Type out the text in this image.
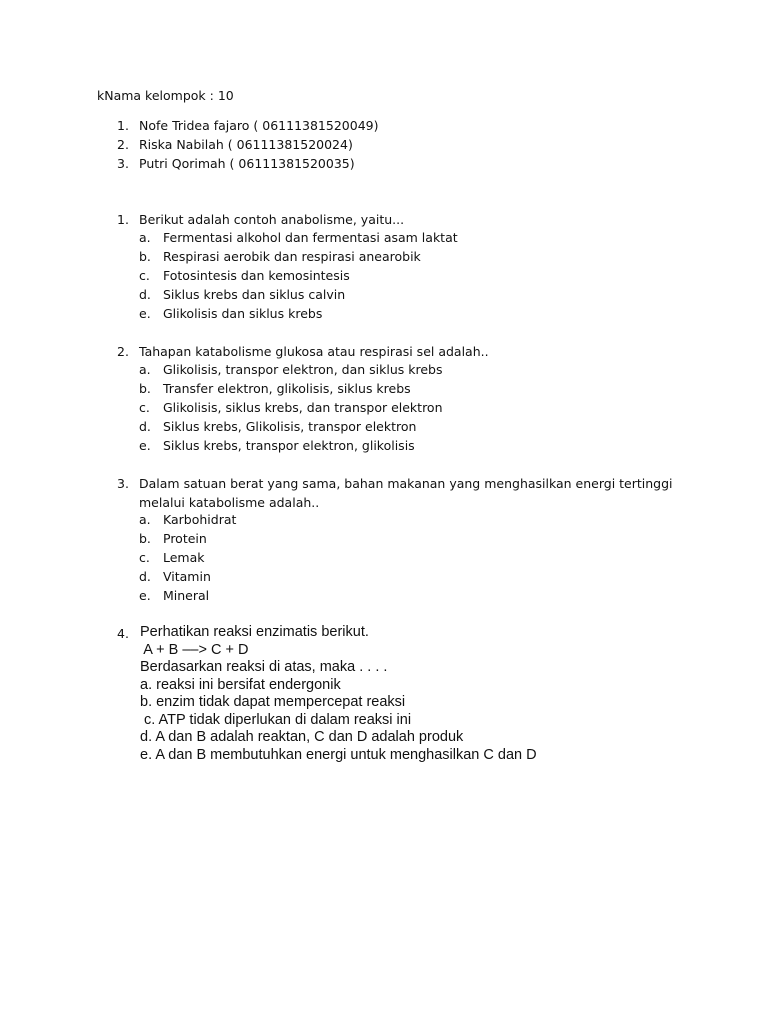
kNama kelompok : 10
1. Nofe Tridea fajaro ( 06111381520049)
2. Riska Nabilah ( 06111381520024)
3. Putri Qorimah ( 06111381520035)
1. Berikut adalah contoh anabolisme, yaitu...
a. Fermentasi alkohol dan fermentasi asam laktat
b. Respirasi aerobik dan respirasi anearobik
c. Fotosintesis dan kemosintesis
d. Siklus krebs dan siklus calvin
e. Glikolisis dan siklus krebs
2. Tahapan katabolisme glukosa atau respirasi sel adalah..
a. Glikolisis, transpor elektron, dan siklus krebs
b. Transfer elektron, glikolisis, siklus krebs
c. Glikolisis, siklus krebs, dan transpor elektron
d. Siklus krebs, Glikolisis, transpor elektron
e. Siklus krebs, transpor elektron, glikolisis
3. Dalam satuan berat yang sama, bahan makanan yang menghasilkan energi tertinggi melalui katabolisme adalah..
a. Karbohidrat
b. Protein
c. Lemak
d. Vitamin
e. Mineral
4. Perhatikan reaksi enzimatis berikut.
A + B ––> C + D
Berdasarkan reaksi di atas, maka . . . .
a. reaksi ini bersifat endergonik
b. enzim tidak dapat mempercepat reaksi
c. ATP tidak diperlukan di dalam reaksi ini
d. A dan B adalah reaktan, C dan D adalah produk
e. A dan B membutuhkan energi untuk menghasilkan C dan D
